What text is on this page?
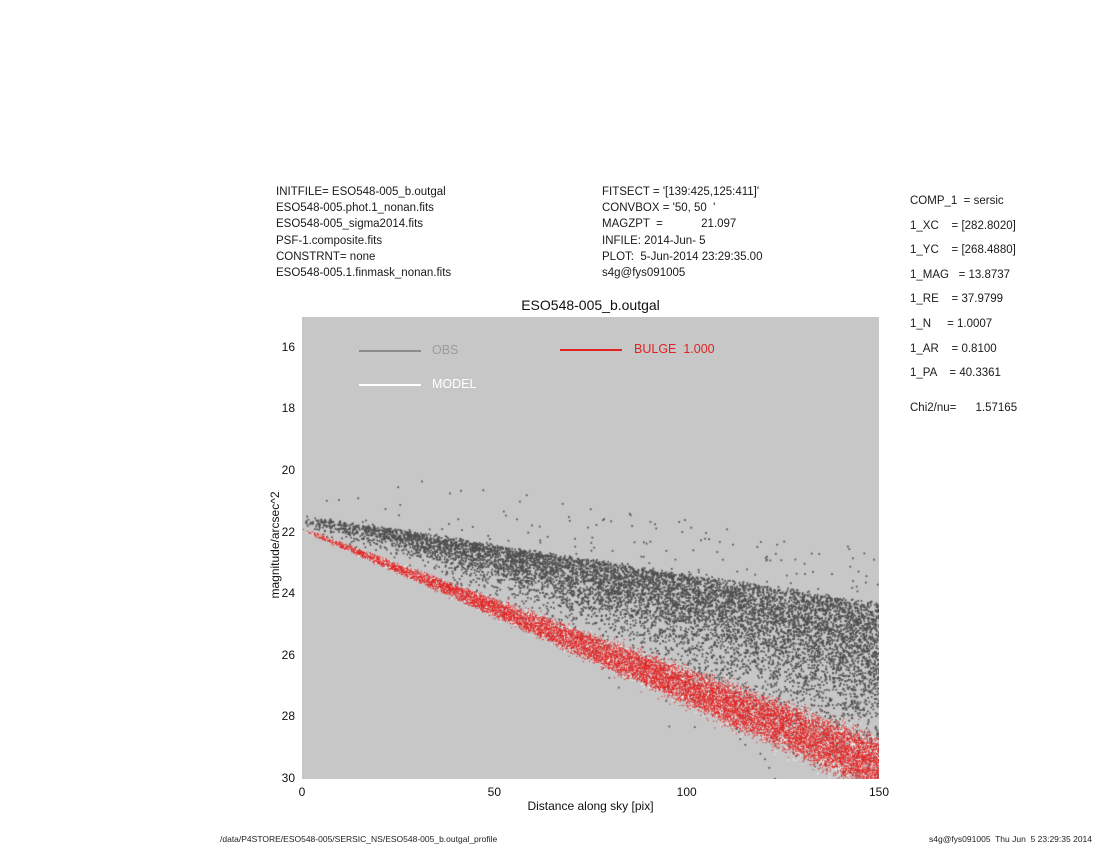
INITFILE= ESO548-005_b.outgal
ESO548-005.phot.1_nonan.fits
ESO548-005_sigma2014.fits
PSF-1.composite.fits
CONSTRNT= none
ESO548-005.1.finmask_nonan.fits
FITSECT = '[139:425,125:411]'
CONVBOX = '50, 50  '
MAGZPT  =            21.097
INFILE: 2014-Jun- 5
PLOT:  5-Jun-2014 23:29:35.00
s4g@fys091005
COMP_1  = sersic
1_XC    = [282.8020]
1_YC    = [268.4880]
1_MAG   = 13.8737
1_RE    = 37.9799
1_N     = 1.0007
1_AR    = 0.8100
1_PA    = 40.3361
Chi2/nu=      1.57165
ESO548-005_b.outgal
OBS
MODEL
BULGE  1.000
magnitude/arcsec^2
Distance along sky [pix]
16
18
20
22
24
26
28
30
0	50	100	150
/data/P4STORE/ESO548-005/SERSIC_NS/ESO548-005_b.outgal_profile	s4g@fys091005  Thu Jun  5 23:29:35 2014
